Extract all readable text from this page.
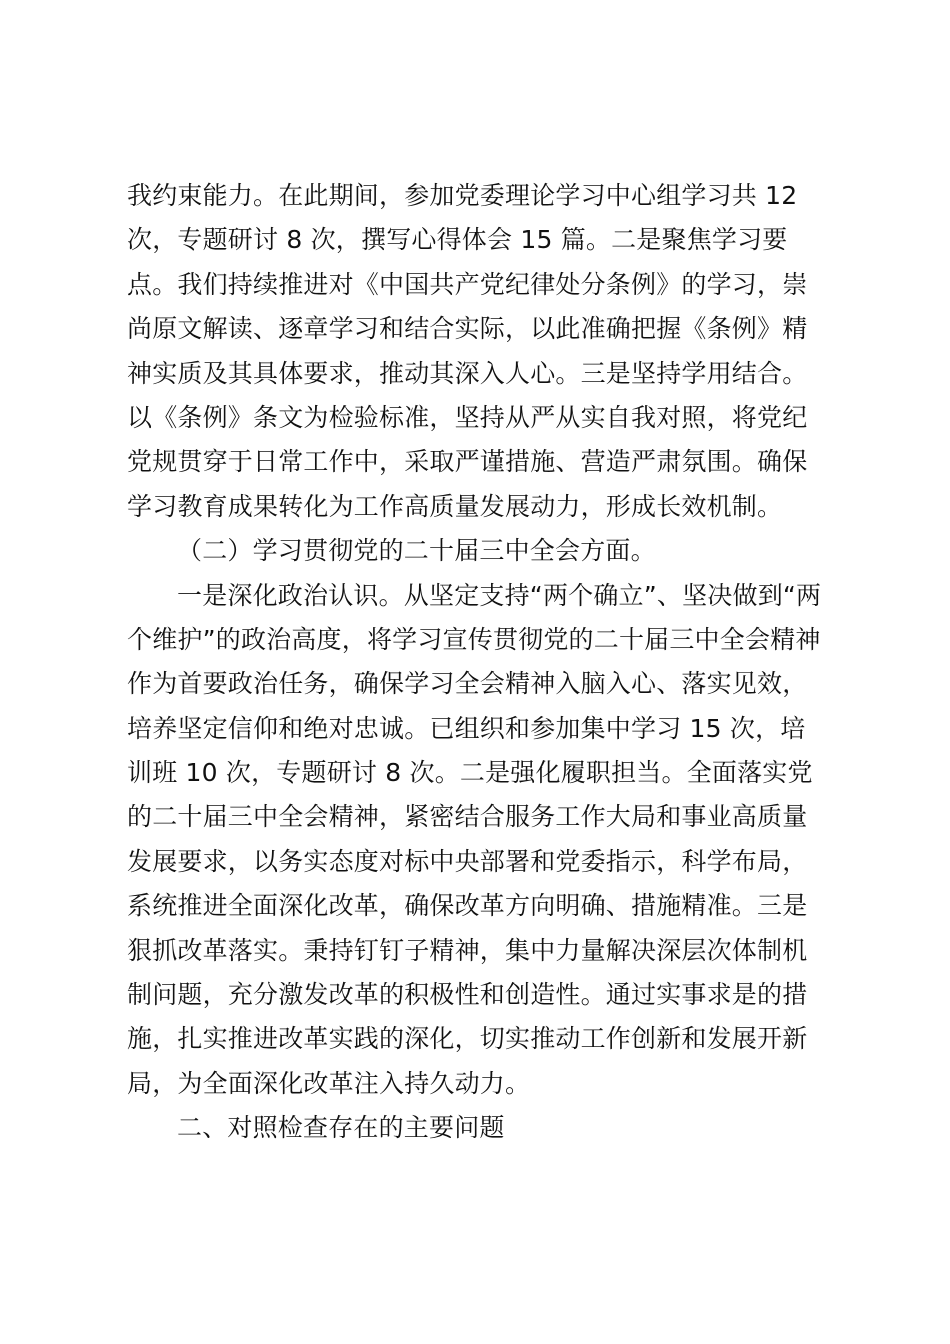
我约束能力。在此期间，参加党委理论学习中心组学习共 12
次，专题研讨 8 次，撰写心得体会 15 篇。二是聚焦学习要
点。我们持续推进对《中国共产党纪律处分条例》的学习，崇
尚原文解读、逐章学习和结合实际，以此准确把握《条例》精
神实质及其具体要求，推动其深入人心。三是坚持学用结合。
以《条例》条文为检验标准，坚持从严从实自我对照，将党纪
党规贯穿于日常工作中，采取严谨措施、营造严肃氛围。确保
学习教育成果转化为工作高质量发展动力，形成长效机制。
（二）学习贯彻党的二十届三中全会方面。
一是深化政治认识。从坚定支持“两个确立”、坚决做到“两
个维护”的政治高度，将学习宣传贯彻党的二十届三中全会精神
作为首要政治任务，确保学习全会精神入脑入心、落实见效，
培养坚定信仰和绝对忠诚。已组织和参加集中学习 15 次，培
训班 10 次，专题研讨 8 次。二是强化履职担当。全面落实党
的二十届三中全会精神，紧密结合服务工作大局和事业高质量
发展要求，以务实态度对标中央部署和党委指示，科学布局，
系统推进全面深化改革，确保改革方向明确、措施精准。三是
狠抓改革落实。秉持钉钉子精神，集中力量解决深层次体制机
制问题，充分激发改革的积极性和创造性。通过实事求是的措
施，扎实推进改革实践的深化，切实推动工作创新和发展开新
局，为全面深化改革注入持久动力。
二、对照检查存在的主要问题
